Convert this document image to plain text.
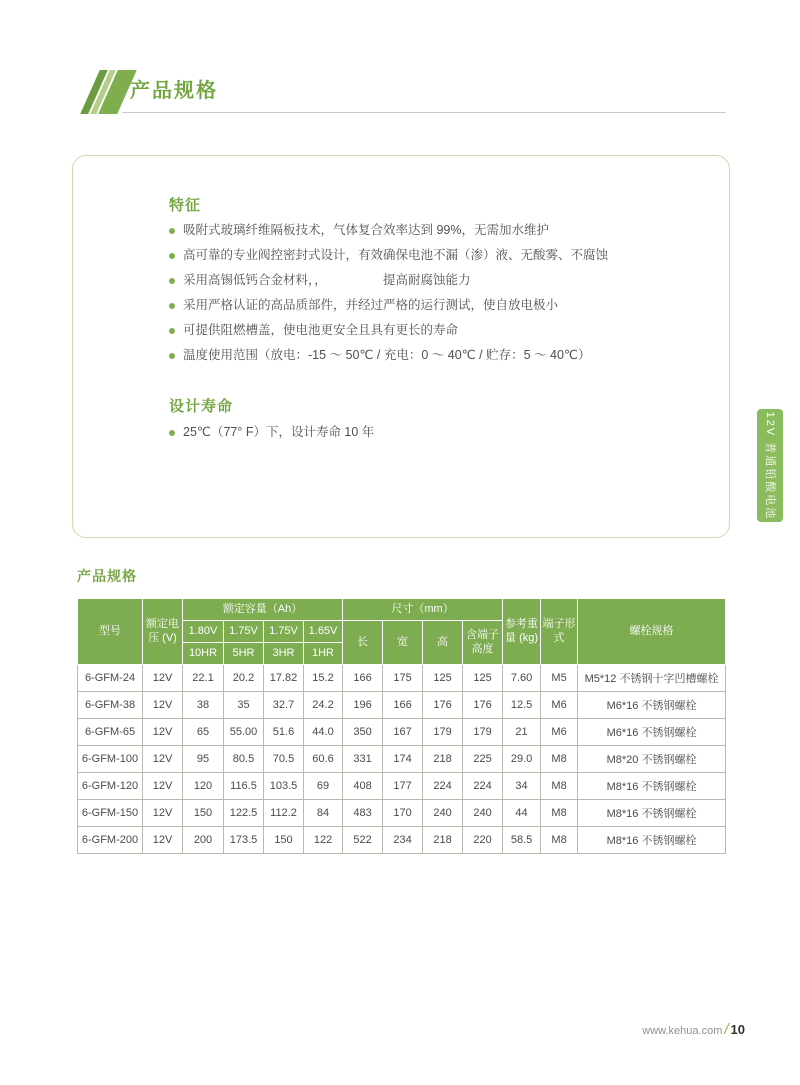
产品规格
特征
吸附式玻璃纤维隔板技术，气体复合效率达到 99%，无需加水维护
高可靠的专业阀控密封式设计，有效确保电池不漏（渗）液、无酸雾、不腐蚀
采用高锡低钙合金材料，，　　　　　提高耐腐蚀能力
采用严格认证的高品质部件，并经过严格的运行测试，使自放电极小
可提供阻燃槽盖，使电池更安全且具有更长的寿命
温度使用范围（放电：-15 ～ 50℃ / 充电：0 ～ 40℃ / 贮存：5 ～ 40℃）
设计寿命
25℃（77° F）下，设计寿命 10 年
产品规格
型号	额定电压 (V)	额定容量（Ah）				尺寸（mm）				参考重量 (kg)	端子形式	螺栓规格
		1.80V	1.75V	1.75V	1.65V	长	宽	高	含端子高度			
		10HR	5HR	3HR	1HR							
6-GFM-24	12V	22.1	20.2	17.82	15.2	166	175	125	125	7.60	M5	M5*12 不锈钢十字凹槽螺栓
6-GFM-38	12V	38	35	32.7	24.2	196	166	176	176	12.5	M6	M6*16 不锈钢螺栓
6-GFM-65	12V	65	55.00	51.6	44.0	350	167	179	179	21	M6	M6*16 不锈钢螺栓
6-GFM-100	12V	95	80.5	70.5	60.6	331	174	218	225	29.0	M8	M8*20 不锈钢螺栓
6-GFM-120	12V	120	116.5	103.5	69	408	177	224	224	34	M8	M8*16 不锈钢螺栓
6-GFM-150	12V	150	122.5	112.2	84	483	170	240	240	44	M8	M8*16 不锈钢螺栓
6-GFM-200	12V	200	173.5	150	122	522	234	218	220	58.5	M8	M8*16 不锈钢螺栓
12V 普通铅酸电池
www.kehua.com / 10
